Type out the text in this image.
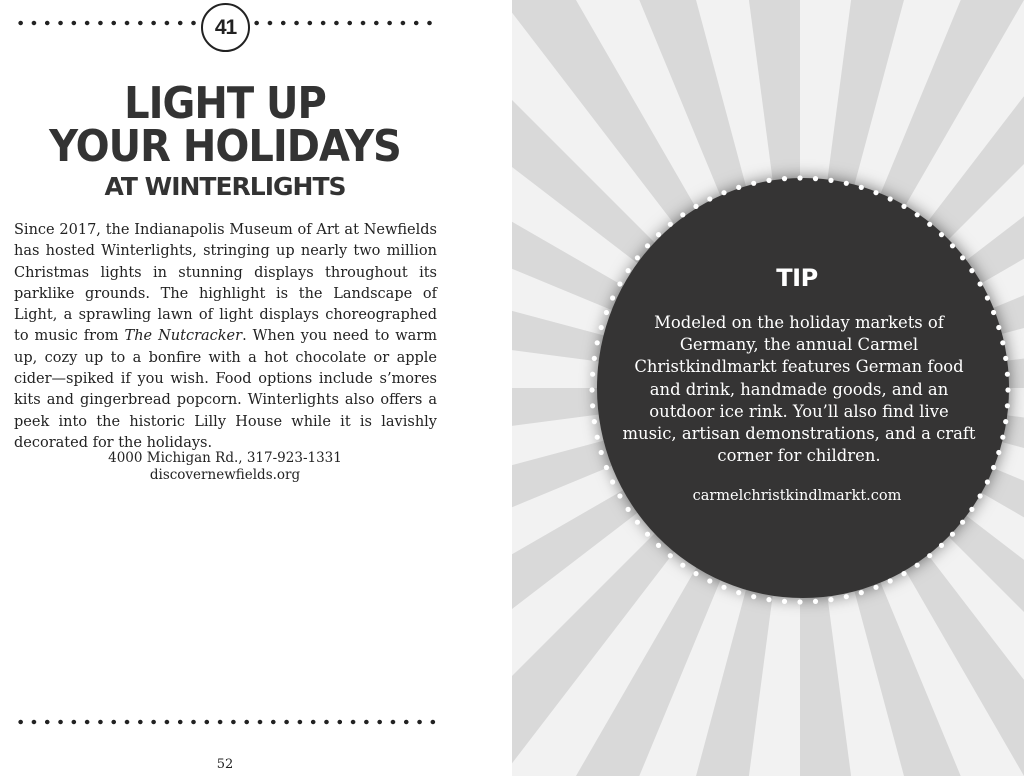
41
LIGHT UP
YOUR HOLIDAYS
AT WINTERLIGHTS

Since 2017, the Indianapolis Museum of Art at Newfields has hosted Winterlights, stringing up nearly two million Christmas lights in stunning displays throughout its parklike grounds. The highlight is the Landscape of Light, a sprawling lawn of light displays choreographed to music from The Nutcracker. When you need to warm up, cozy up to a bonfire with a hot chocolate or apple cider—spiked if you wish. Food options include s’mores kits and gingerbread popcorn. Winterlights also offers a peek into the historic Lilly House while it is lavishly decorated for the holidays.

4000 Michigan Rd., 317-923-1331
discovernewfields.org
52
TIP
Modeled on the holiday markets of Germany, the annual Carmel Christkindlmarkt features German food and drink, handmade goods, and an outdoor ice rink. You’ll also find live music, artisan demonstrations, and a craft corner for children.
carmelchristkindlmarkt.com
